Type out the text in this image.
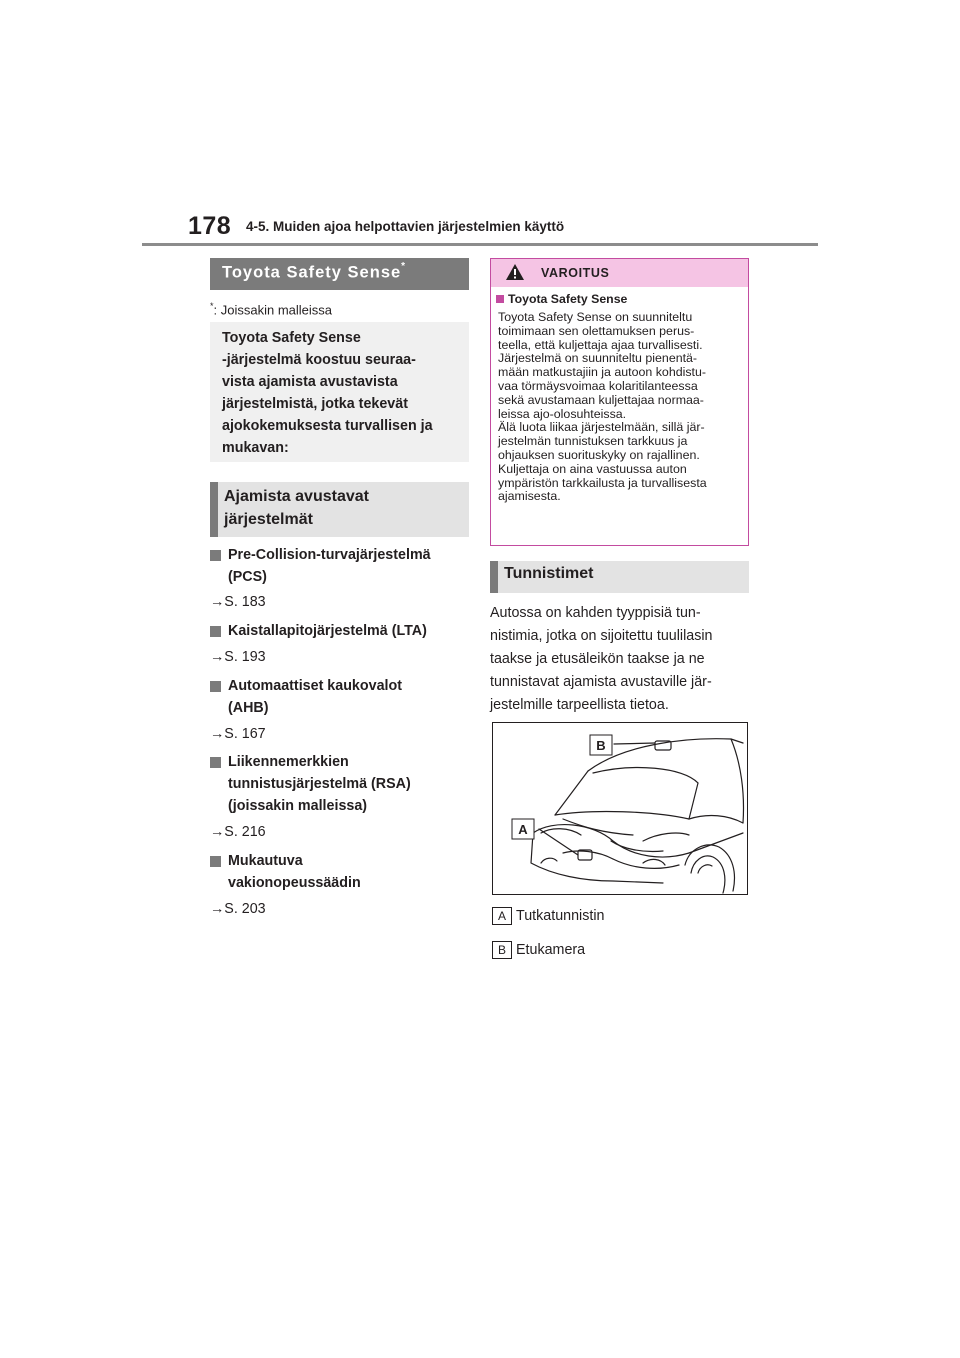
178 4-5. Muiden ajoa helpottavien järjestelmien käyttö
Toyota Safety Sense*
*: Joissakin malleissa
Toyota Safety Sense
-järjestelmä koostuu seuraa-
vista ajamista avustavista
järjestelmistä, jotka tekevät
ajokokemuksesta turvallisen ja
mukavan:
Ajamista avustavat
järjestelmät
Pre-Collision-turvajärjestelmä
(PCS)
→S. 183
Kaistallapitojärjestelmä (LTA)
→S. 193
Automaattiset kaukovalot
(AHB)
→S. 167
Liikennemerkkien
tunnistusjärjestelmä (RSA)
(joissakin malleissa)
→S. 216
Mukautuva
vakionopeussäädin
→S. 203
VAROITUS
Toyota Safety Sense
Toyota Safety Sense on suunniteltu
toimimaan sen olettamuksen perus-
teella, että kuljettaja ajaa turvallisesti.
Järjestelmä on suunniteltu pienentä-
mään matkustajiin ja autoon kohdistu-
vaa törmäysvoimaa kolaritilanteessa
sekä avustamaan kuljettajaa normaa-
leissa ajo-olosuhteissa.
Älä luota liikaa järjestelmään, sillä jär-
jestelmän tunnistuksen tarkkuus ja
ohjauksen suorituskyky on rajallinen.
Kuljettaja on aina vastuussa auton
ympäristön tarkkailusta ja turvallisesta
ajamisesta.
Tunnistimet
Autossa on kahden tyyppisiä tun-
nistimia, jotka on sijoitettu tuulilasin
taakse ja etusäleikön taakse ja ne
tunnistavat ajamista avustaville jär-
jestelmille tarpeellista tietoa.
B
A
A Tutkatunnistin
B Etukamera
